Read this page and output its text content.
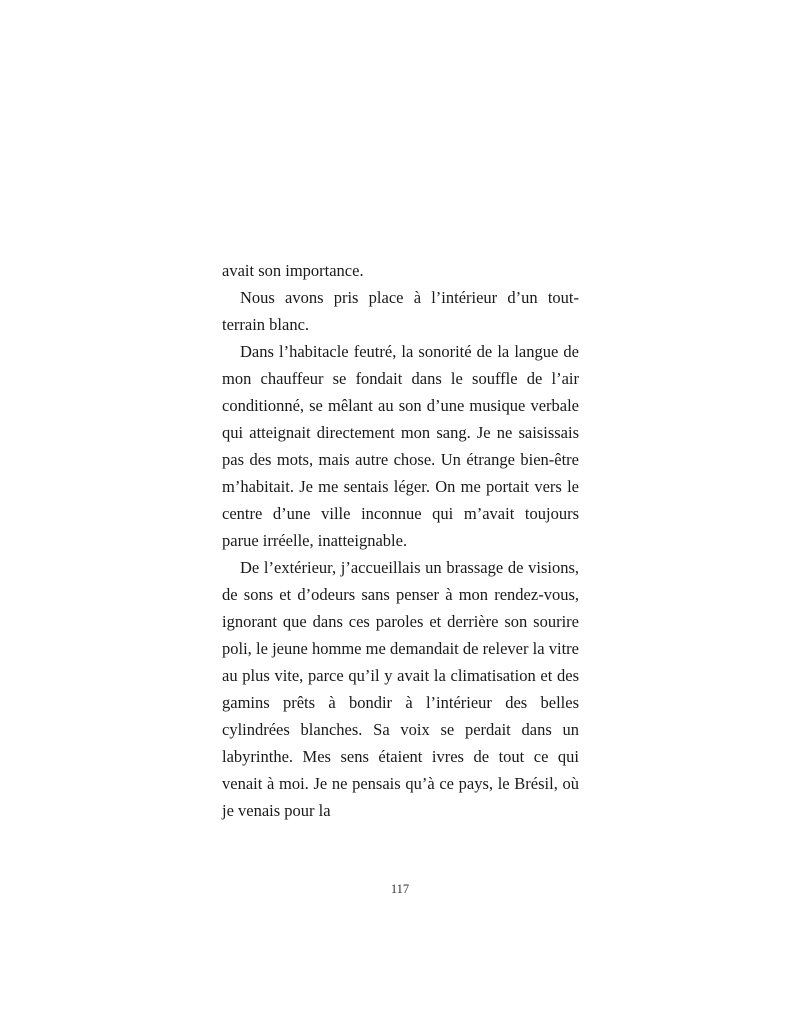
avait son importance.

Nous avons pris place à l’intérieur d’un tout-terrain blanc.

Dans l’habitacle feutré, la sonorité de la langue de mon chauffeur se fondait dans le souffle de l’air conditionné, se mêlant au son d’une musique verbale qui atteignait directement mon sang. Je ne saisissais pas des mots, mais autre chose. Un étrange bien-être m’habitait. Je me sentais léger. On me portait vers le centre d’une ville inconnue qui m’avait toujours parue irréelle, inatteignable.

De l’extérieur, j’accueillais un brassage de visions, de sons et d’odeurs sans penser à mon rendez-vous, ignorant que dans ces paroles et derrière son sourire poli, le jeune homme me demandait de relever la vitre au plus vite, parce qu’il y avait la climatisation et des gamins prêts à bondir à l’intérieur des belles cylindrées blanches. Sa voix se perdait dans un labyrinthe. Mes sens étaient ivres de tout ce qui venait à moi. Je ne pensais qu’à ce pays, le Brésil, où je venais pour la

117
